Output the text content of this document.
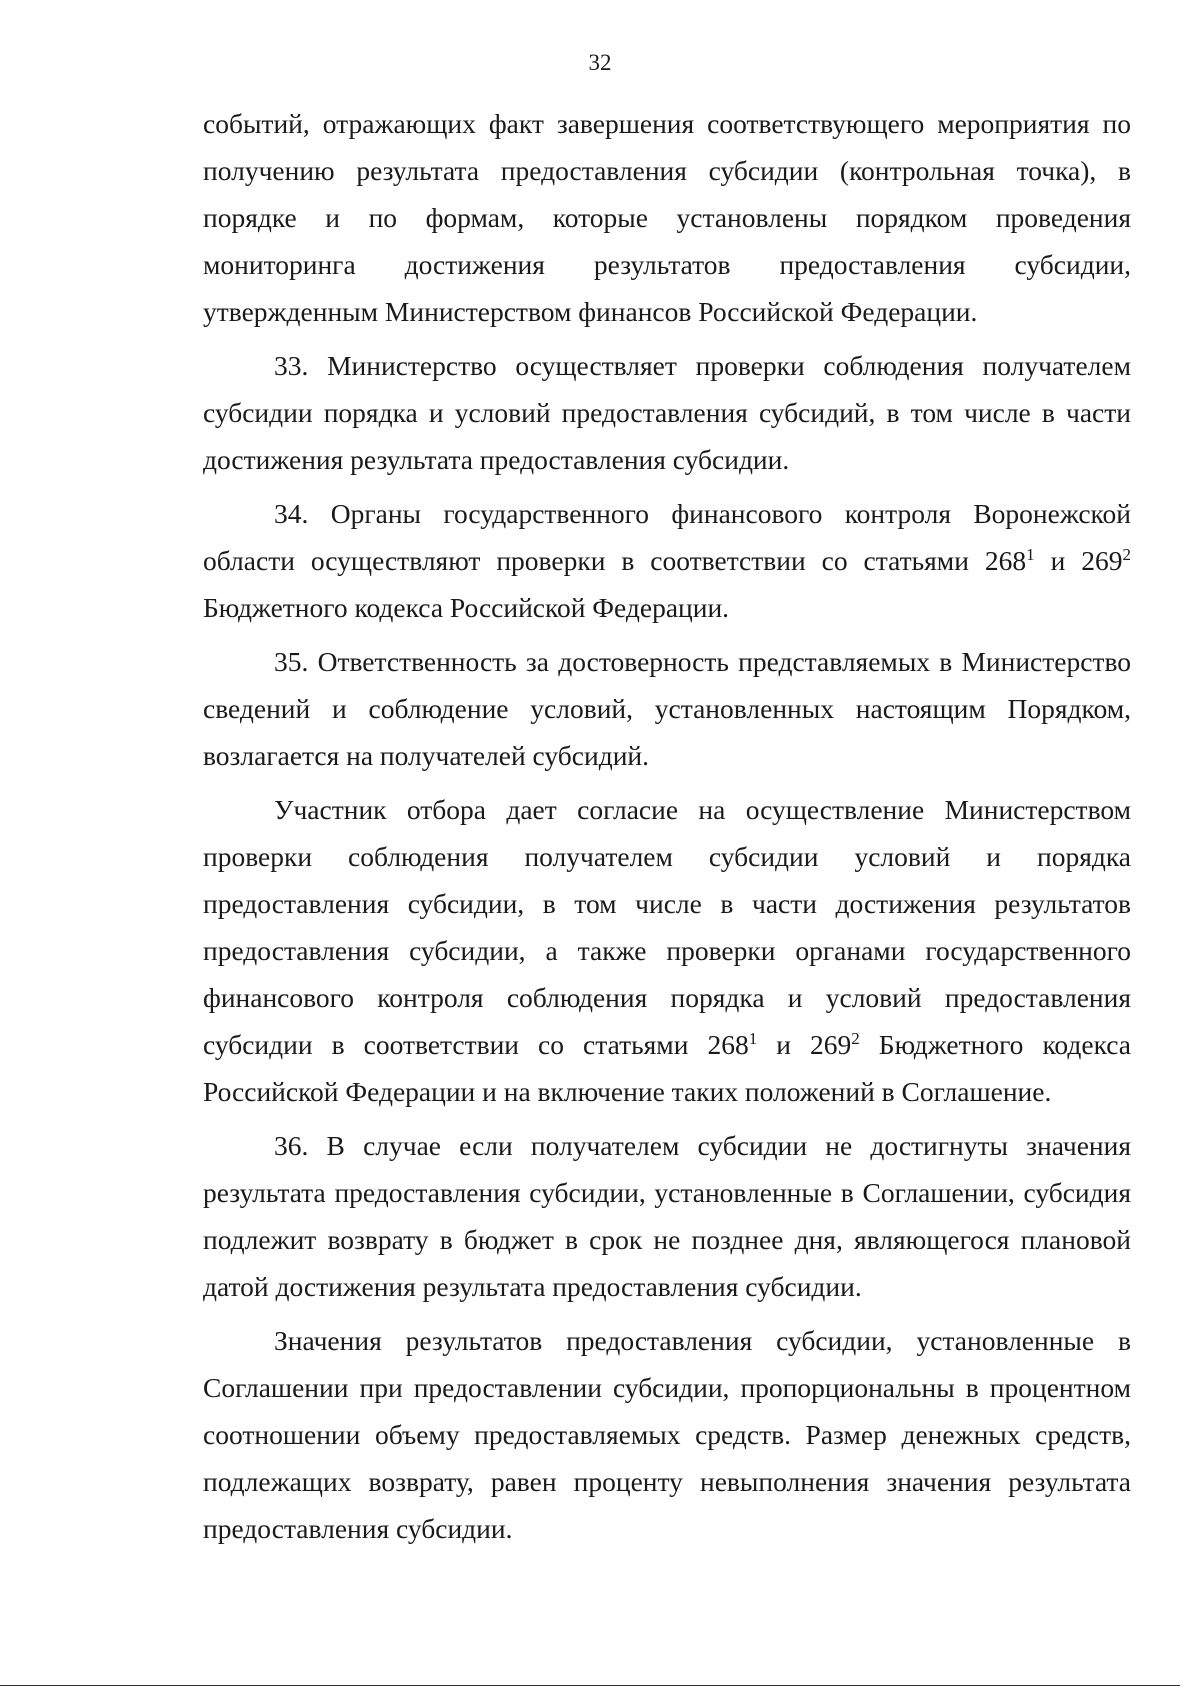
32

событий, отражающих факт завершения соответствующего мероприятия по получению результата предоставления субсидии (контрольная точка), в порядке и по формам, которые установлены порядком проведения мониторинга достижения результатов предоставления субсидии, утвержденным Министерством финансов Российской Федерации.

33. Министерство осуществляет проверки соблюдения получателем субсидии порядка и условий предоставления субсидий, в том числе в части достижения результата предоставления субсидии.

34. Органы государственного финансового контроля Воронежской области осуществляют проверки в соответствии со статьями $268^1$ и $269^2$ Бюджетного кодекса Российской Федерации.

35. Ответственность за достоверность представляемых в Министерство сведений и соблюдение условий, установленных настоящим Порядком, возлагается на получателей субсидий.

Участник отбора дает согласие на осуществление Министерством проверки соблюдения получателем субсидии условий и порядка предоставления субсидии, в том числе в части достижения результатов предоставления субсидии, а также проверки органами государственного финансового контроля соблюдения порядка и условий предоставления субсидии в соответствии со статьями $268^1$ и $269^2$ Бюджетного кодекса Российской Федерации и на включение таких положений в Соглашение.

36. В случае если получателем субсидии не достигнуты значения результата предоставления субсидии, установленные в Соглашении, субсидия подлежит возврату в бюджет в срок не позднее дня, являющегося плановой датой достижения результата предоставления субсидии.

Значения результатов предоставления субсидии, установленные в Соглашении при предоставлении субсидии, пропорциональны в процентном соотношении объему предоставляемых средств. Размер денежных средств, подлежащих возврату, равен проценту невыполнения значения результата предоставления субсидии.
